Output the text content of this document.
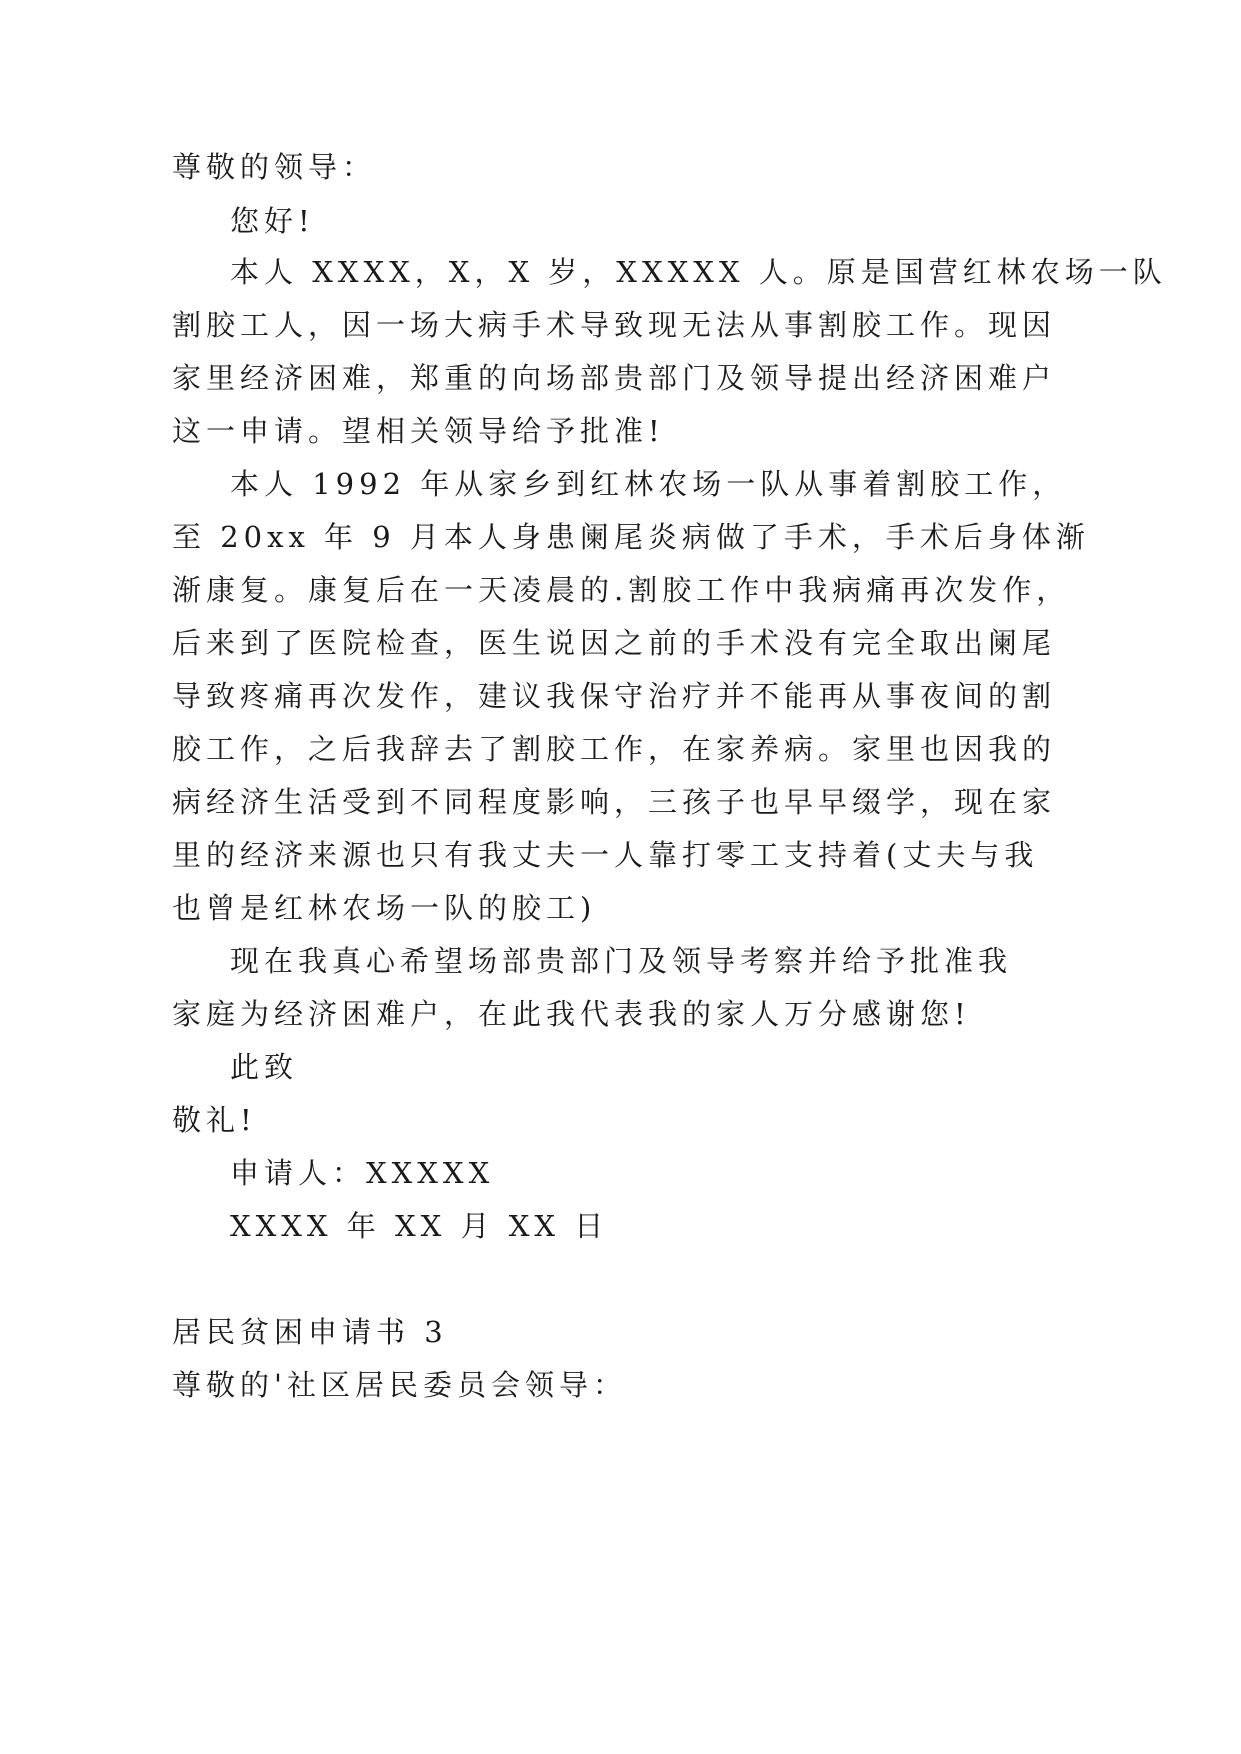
尊敬的领导：
您好!
本人 XXXX，X，X 岁，XXXXX 人。原是国营红林农场一队
割胶工人，因一场大病手术导致现无法从事割胶工作。现因
家里经济困难，郑重的向场部贵部门及领导提出经济困难户
这一申请。望相关领导给予批准!
本人 1992 年从家乡到红林农场一队从事着割胶工作，
至 20xx 年 9 月本人身患阑尾炎病做了手术，手术后身体渐
渐康复。康复后在一天凌晨的.割胶工作中我病痛再次发作，
后来到了医院检查，医生说因之前的手术没有完全取出阑尾
导致疼痛再次发作，建议我保守治疗并不能再从事夜间的割
胶工作，之后我辞去了割胶工作，在家养病。家里也因我的
病经济生活受到不同程度影响，三孩子也早早缀学，现在家
里的经济来源也只有我丈夫一人靠打零工支持着(丈夫与我
也曾是红林农场一队的胶工)
现在我真心希望场部贵部门及领导考察并给予批准我
家庭为经济困难户，在此我代表我的家人万分感谢您!
此致
敬礼!
申请人：XXXXX
XXXX 年 XX 月 XX 日
居民贫困申请书 3
尊敬的'社区居民委员会领导：
